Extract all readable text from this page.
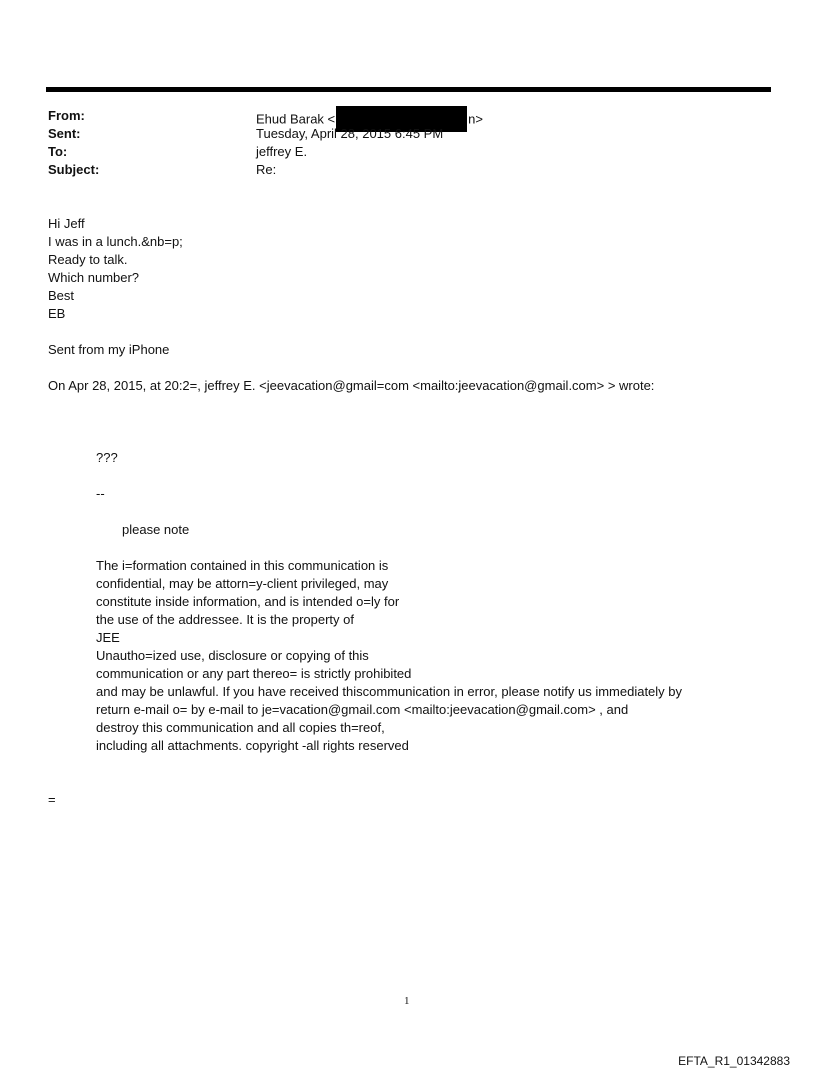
From:	Ehud Barak <	n>
Sent:	Tuesday, April 28, 2015 6:45 PM
To:	jeffrey E.
Subject:	Re:
Hi Jeff
I was in a lunch.&nb=p;
Ready to talk.
Which number?
Best
EB
Sent from my iPhone
On Apr 28, 2015, at 20:2=, jeffrey E. <jeevacation@gmail=com <mailto:jeevacation@gmail.com> > wrote:
???
--
please note
The i=formation contained in this communication is
confidential, may be attorn=y-client privileged, may
constitute inside information, and is intended o=ly for
the use of the addressee. It is the property of
JEE
Unautho=ized use, disclosure or copying of this
communication or any part thereo= is strictly prohibited
and may be unlawful. If you have received thiscommunication in error, please notify us immediately by
return e-mail o= by e-mail to je=vacation@gmail.com <mailto:jeevacation@gmail.com> , and
destroy this communication and all copies th=reof,
including all attachments. copyright -all rights reserved
=
1
EFTA_R1_01342883
